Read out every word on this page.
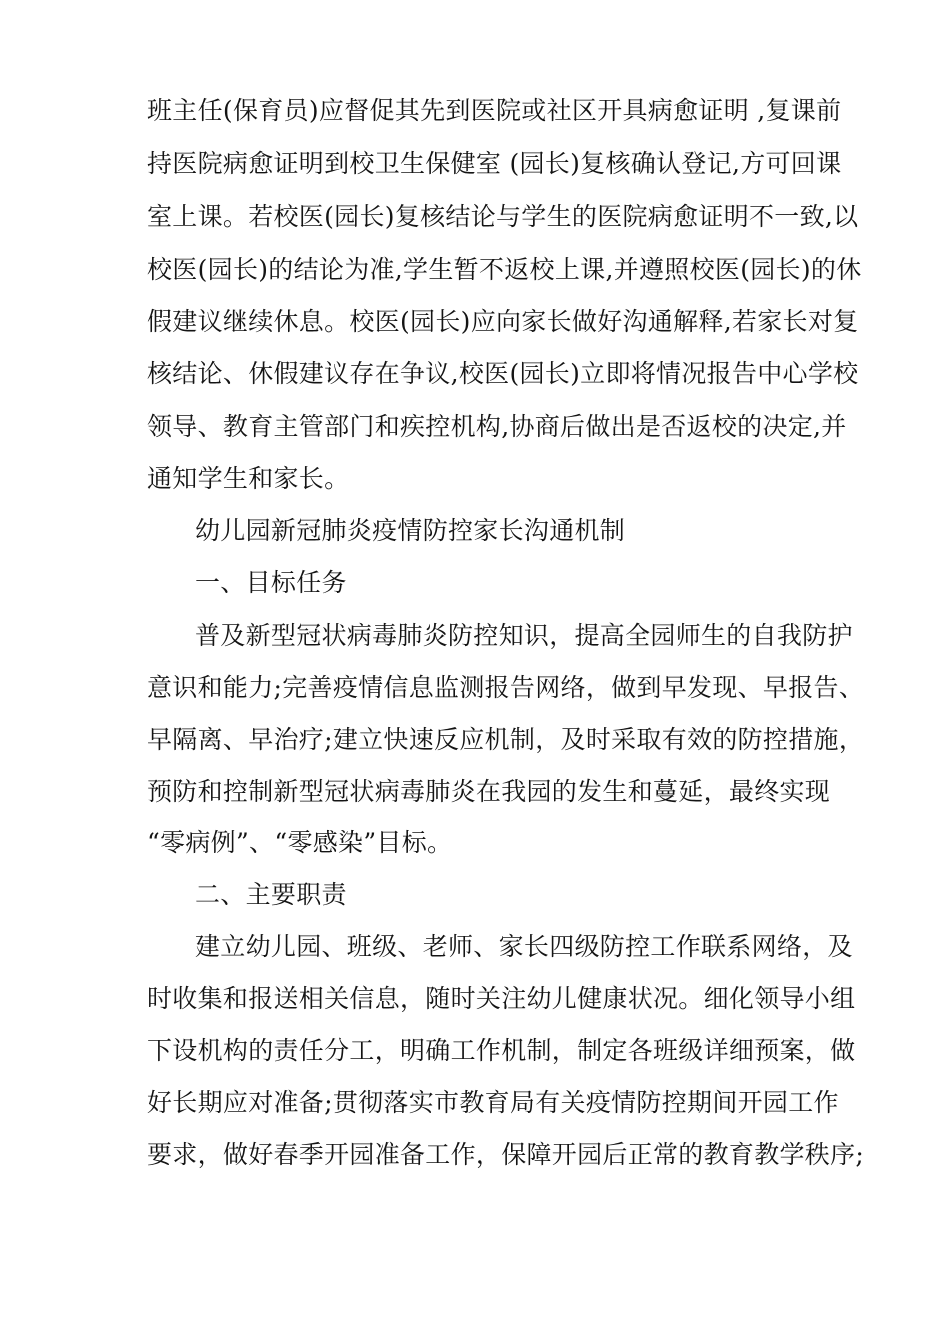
班主任(保育员)应督促其先到医院或社区开具病愈证明 ,复课前
持医院病愈证明到校卫生保健室 (园长)复核确认登记,方可回课
室上课。若校医(园长)复核结论与学生的医院病愈证明不一致,以
校医(园长)的结论为准,学生暂不返校上课,并遵照校医(园长)的休
假建议继续休息。校医(园长)应向家长做好沟通解释,若家长对复
核结论、休假建议存在争议,校医(园长)立即将情况报告中心学校
领导、教育主管部门和疾控机构,协商后做出是否返校的决定,并
通知学生和家长。
幼儿园新冠肺炎疫情防控家长沟通机制
一、目标任务
普及新型冠状病毒肺炎防控知识，提高全园师生的自我防护
意识和能力;完善疫情信息监测报告网络，做到早发现、早报告、
早隔离、早治疗;建立快速反应机制，及时采取有效的防控措施，
预防和控制新型冠状病毒肺炎在我园的发生和蔓延，最终实现
“零病例”、“零感染”目标。
二、主要职责
建立幼儿园、班级、老师、家长四级防控工作联系网络，及
时收集和报送相关信息，随时关注幼儿健康状况。细化领导小组
下设机构的责任分工，明确工作机制，制定各班级详细预案，做
好长期应对准备;贯彻落实市教育局有关疫情防控期间开园工作
要求，做好春季开园准备工作，保障开园后正常的教育教学秩序;
